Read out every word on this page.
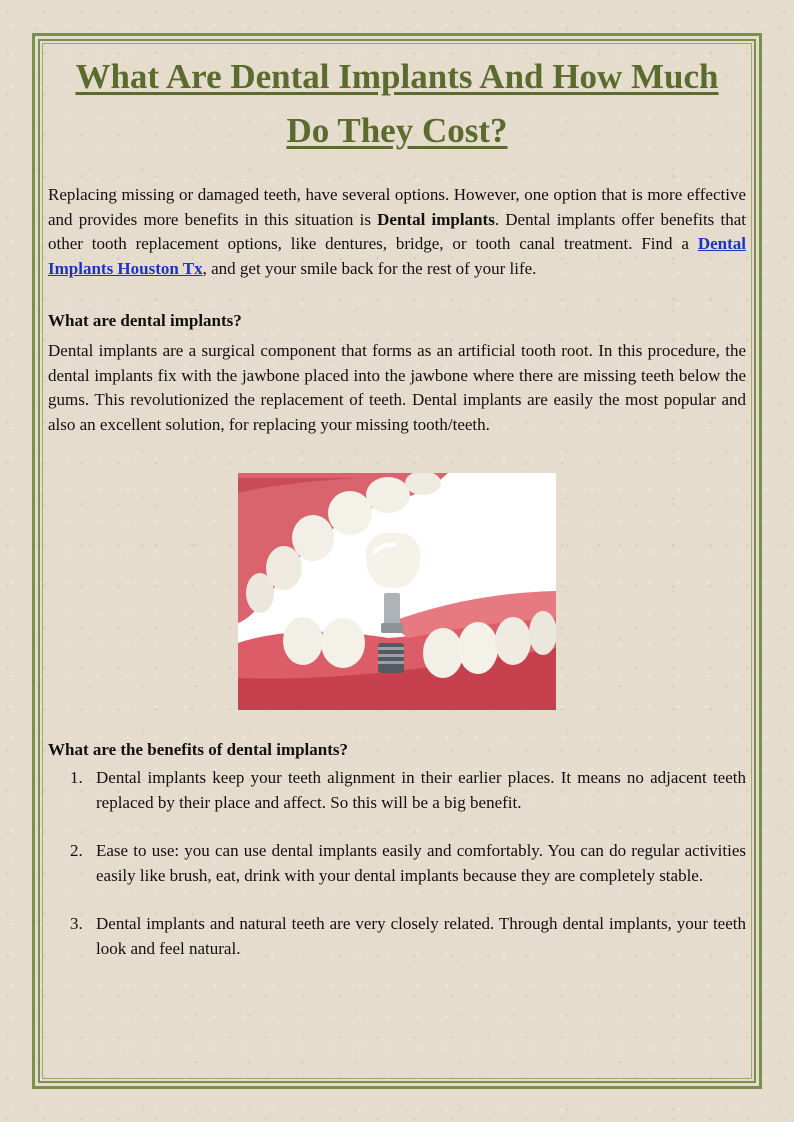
What Are Dental Implants And How Much
Do They Cost?

Replacing missing or damaged teeth, have several options. However, one option that is more effective and provides more benefits in this situation is Dental implants. Dental implants offer benefits that other tooth replacement options, like dentures, bridge, or tooth canal treatment. Find a Dental Implants Houston Tx, and get your smile back for the rest of your life.

What are dental implants?

Dental implants are a surgical component that forms as an artificial tooth root. In this procedure, the dental implants fix with the jawbone placed into the jawbone where there are missing teeth below the gums. This revolutionized the replacement of teeth. Dental implants are easily the most popular and also an excellent solution, for replacing your missing tooth/teeth.

What are the benefits of dental implants?
1. Dental implants keep your teeth alignment in their earlier places. It means no adjacent teeth replaced by their place and affect. So this will be a big benefit.
2. Ease to use: you can use dental implants easily and comfortably. You can do regular activities easily like brush, eat, drink with your dental implants because they are completely stable.
3. Dental implants and natural teeth are very closely related. Through dental implants, your teeth look and feel natural.
